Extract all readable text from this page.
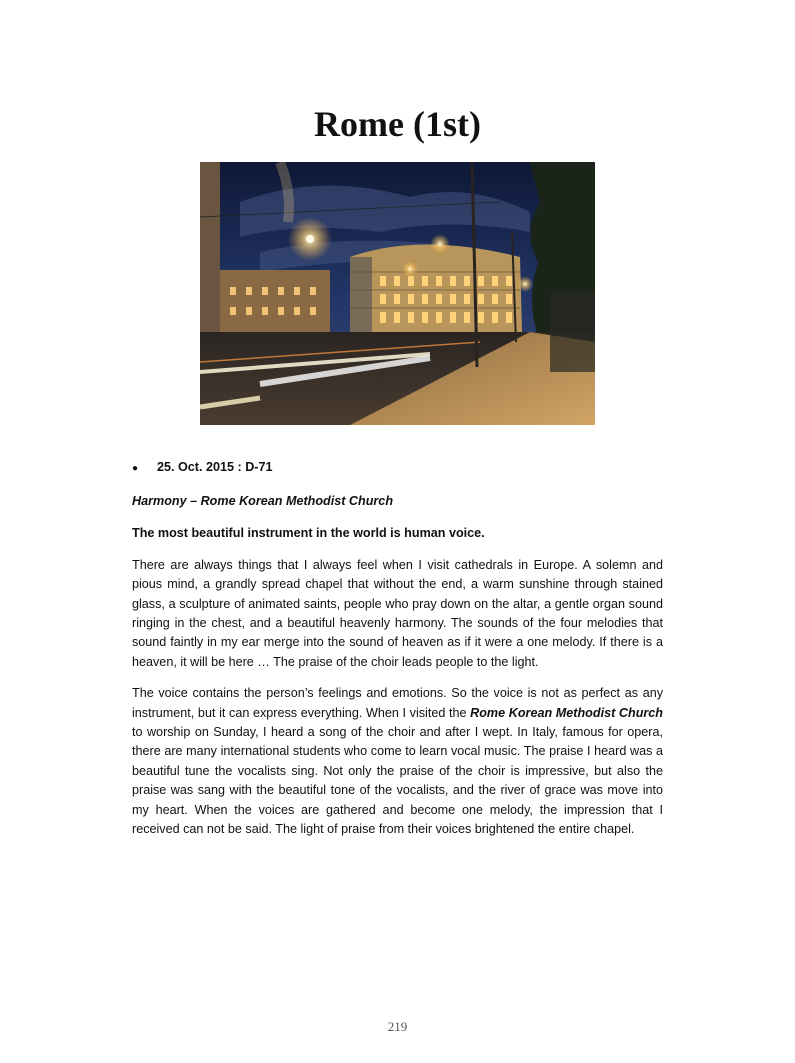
Rome (1st)
● 25. Oct. 2015 : D-71

Harmony – Rome Korean Methodist Church

The most beautiful instrument in the world is human voice.

There are always things that I always feel when I visit cathedrals in Europe. A solemn and pious mind, a grandly spread chapel that without the end, a warm sunshine through stained glass, a sculpture of animated saints, people who pray down on the altar, a gentle organ sound ringing in the chest, and a beautiful heavenly harmony. The sounds of the four melodies that sound faintly in my ear merge into the sound of heaven as if it were a one melody. If there is a heaven, it will be here … The praise of the choir leads people to the light.

The voice contains the person’s feelings and emotions. So the voice is not as perfect as any instrument, but it can express everything. When I visited the Rome Korean Methodist Church to worship on Sunday, I heard a song of the choir and after I wept. In Italy, famous for opera, there are many international students who come to learn vocal music. The praise I heard was a beautiful tune the vocalists sing. Not only the praise of the choir is impressive, but also the praise was sang with the beautiful tone of the vocalists, and the river of grace was move into my heart. When the voices are gathered and become one melody, the impression that I received can not be said. The light of praise from their voices brightened the entire chapel.

219
